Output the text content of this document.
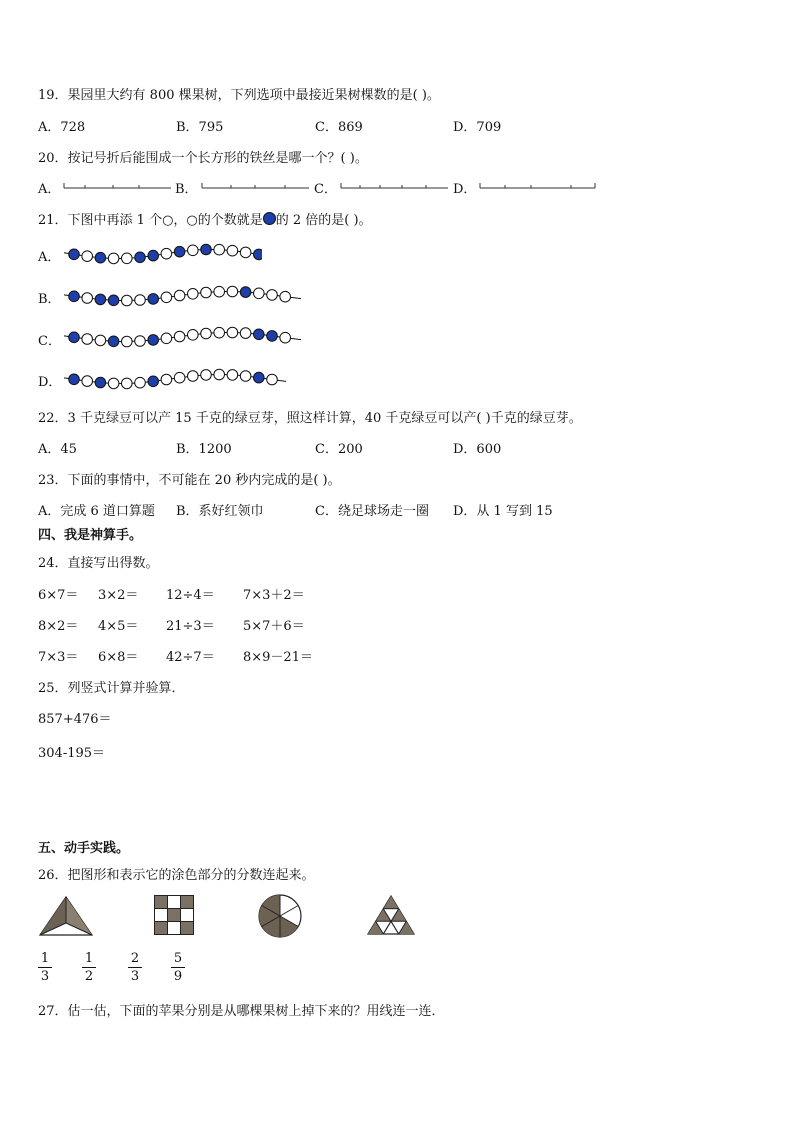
19．果园里大约有 800 棵果树，下列选项中最接近果树棵数的是( )。
A．728	B．795	C．869	D．709
20．按记号折后能围成一个长方形的铁丝是哪一个？( )。
A．	B．	C．	D．
21．下图中再添 1 个○，○的个数就是 的 2 倍的是( )。
A．
B．
C．
D．
22．3 千克绿豆可以产 15 千克的绿豆芽，照这样计算，40 千克绿豆可以产( )千克的绿豆芽。
A．45	B．1200	C．200	D．600
23．下面的事情中，不可能在 20 秒内完成的是( )。
A．完成 6 道口算题 B．系好红领巾	C．绕足球场走一圈 D．从 1 写到 15
四、我是神算手。
24．直接写出得数。
6×7＝ 3×2＝ 12÷4＝ 7×3＋2＝
8×2＝ 4×5＝ 21÷3＝ 5×7＋6＝
7×3＝ 6×8＝ 42÷7＝ 8×9－21＝
25．列竖式计算并验算．
857+476＝
304-195＝
五、动手实践。
26．把图形和表示它的涂色部分的分数连起来。
1
3
1
2
2
3
5
9
27．估一估，下面的苹果分别是从哪棵果树上掉下来的？用线连一连．
